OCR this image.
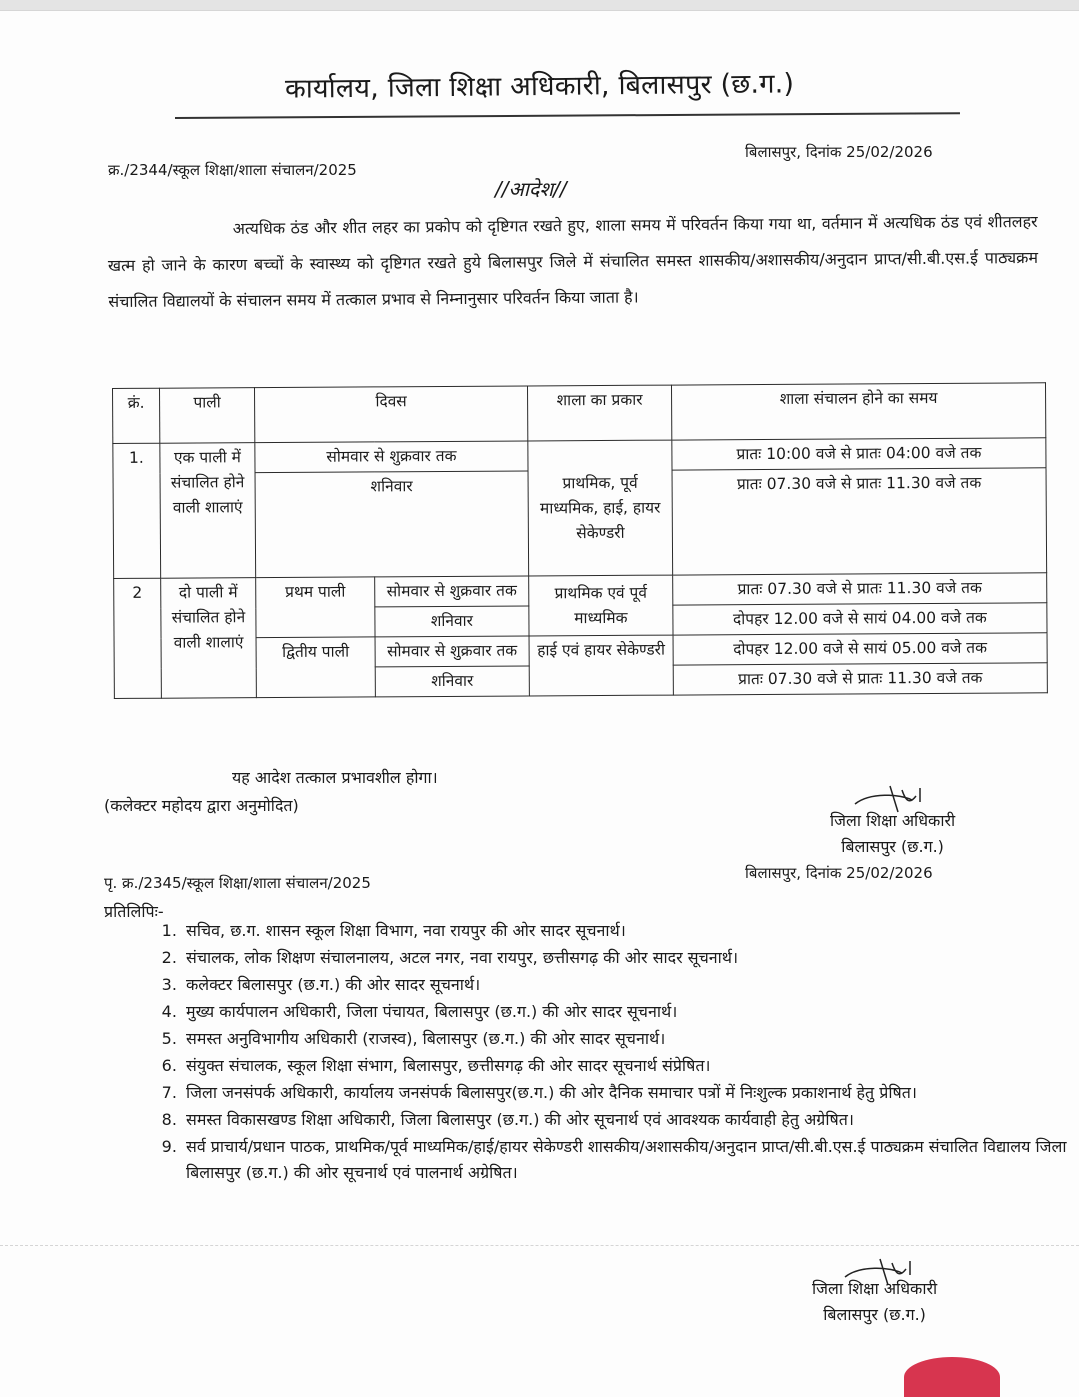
कार्यालय, जिला शिक्षा अधिकारी, बिलासपुर (छ.ग.)
क्र./2344/स्कूल शिक्षा/शाला संचालन/2025
बिलासपुर, दिनांक 25/02/2026
//आदेश//
अत्यधिक ठंड और शीत लहर का प्रकोप को दृष्टिगत रखते हुए, शाला समय में परिवर्तन किया गया था, वर्तमान में अत्यधिक ठंड एवं शीतलहर खत्म हो जाने के कारण बच्चों के स्वास्थ्य को दृष्टिगत रखते हुये बिलासपुर जिले में संचालित समस्त शासकीय/अशासकीय/अनुदान प्राप्त/सी.बी.एस.ई पाठ्यक्रम संचालित विद्यालयों के संचालन समय में तत्काल प्रभाव से निम्नानुसार परिवर्तन किया जाता है।
क्रं.	पाली	दिवस		शाला का प्रकार	शाला संचालन होने का समय
1.	एक पाली में संचालित होने वाली शालाएं	सोमवार से शुक्रवार तक		प्राथमिक, पूर्व माध्यमिक, हाई, हायर सेकेण्डरी	प्रातः 10:00 वजे से प्रातः 04:00 वजे तक
		शनिवार			प्रातः 07.30 वजे से प्रातः 11.30 वजे तक
2	दो पाली में संचालित होने वाली शालाएं	प्रथम पाली	सोमवार से शुक्रवार तक	प्राथमिक एवं पूर्व माध्यमिक	प्रातः 07.30 वजे से प्रातः 11.30 वजे तक
			शनिवार		दोपहर 12.00 वजे से सायं 04.00 वजे तक
		द्वितीय पाली	सोमवार से शुक्रवार तक	हाई एवं हायर सेकेण्डरी	दोपहर 12.00 वजे से सायं 05.00 वजे तक
			शनिवार		प्रातः 07.30 वजे से प्रातः 11.30 वजे तक
यह आदेश तत्काल प्रभावशील होगा।
(कलेक्टर महोदय द्वारा अनुमोदित)
जिला शिक्षा अधिकारी
बिलासपुर (छ.ग.)
बिलासपुर, दिनांक 25/02/2026
पृ. क्र./2345/स्कूल शिक्षा/शाला संचालन/2025
प्रतिलिपिः-
1. सचिव, छ.ग. शासन स्कूल शिक्षा विभाग, नवा रायपुर की ओर सादर सूचनार्थ।
2. संचालक, लोक शिक्षण संचालनालय, अटल नगर, नवा रायपुर, छत्तीसगढ़ की ओर सादर सूचनार्थ।
3. कलेक्टर बिलासपुर (छ.ग.) की ओर सादर सूचनार्थ।
4. मुख्य कार्यपालन अधिकारी, जिला पंचायत, बिलासपुर (छ.ग.) की ओर सादर सूचनार्थ।
5. समस्त अनुविभागीय अधिकारी (राजस्व), बिलासपुर (छ.ग.) की ओर सादर सूचनार्थ।
6. संयुक्त संचालक, स्कूल शिक्षा संभाग, बिलासपुर, छत्तीसगढ़ की ओर सादर सूचनार्थ संप्रेषित।
7. जिला जनसंपर्क अधिकारी, कार्यालय जनसंपर्क बिलासपुर(छ.ग.) की ओर दैनिक समाचार पत्रों में निःशुल्क प्रकाशनार्थ हेतु प्रेषित।
8. समस्त विकासखण्ड शिक्षा अधिकारी, जिला बिलासपुर (छ.ग.) की ओर सूचनार्थ एवं आवश्यक कार्यवाही हेतु अग्रेषित।
9. सर्व प्राचार्य/प्रधान पाठक, प्राथमिक/पूर्व माध्यमिक/हाई/हायर सेकेण्डरी शासकीय/अशासकीय/अनुदान प्राप्त/सी.बी.एस.ई पाठ्यक्रम संचालित विद्यालय जिला बिलासपुर (छ.ग.) की ओर सूचनार्थ एवं पालनार्थ अग्रेषित।
जिला शिक्षा अधिकारी
बिलासपुर (छ.ग.)
